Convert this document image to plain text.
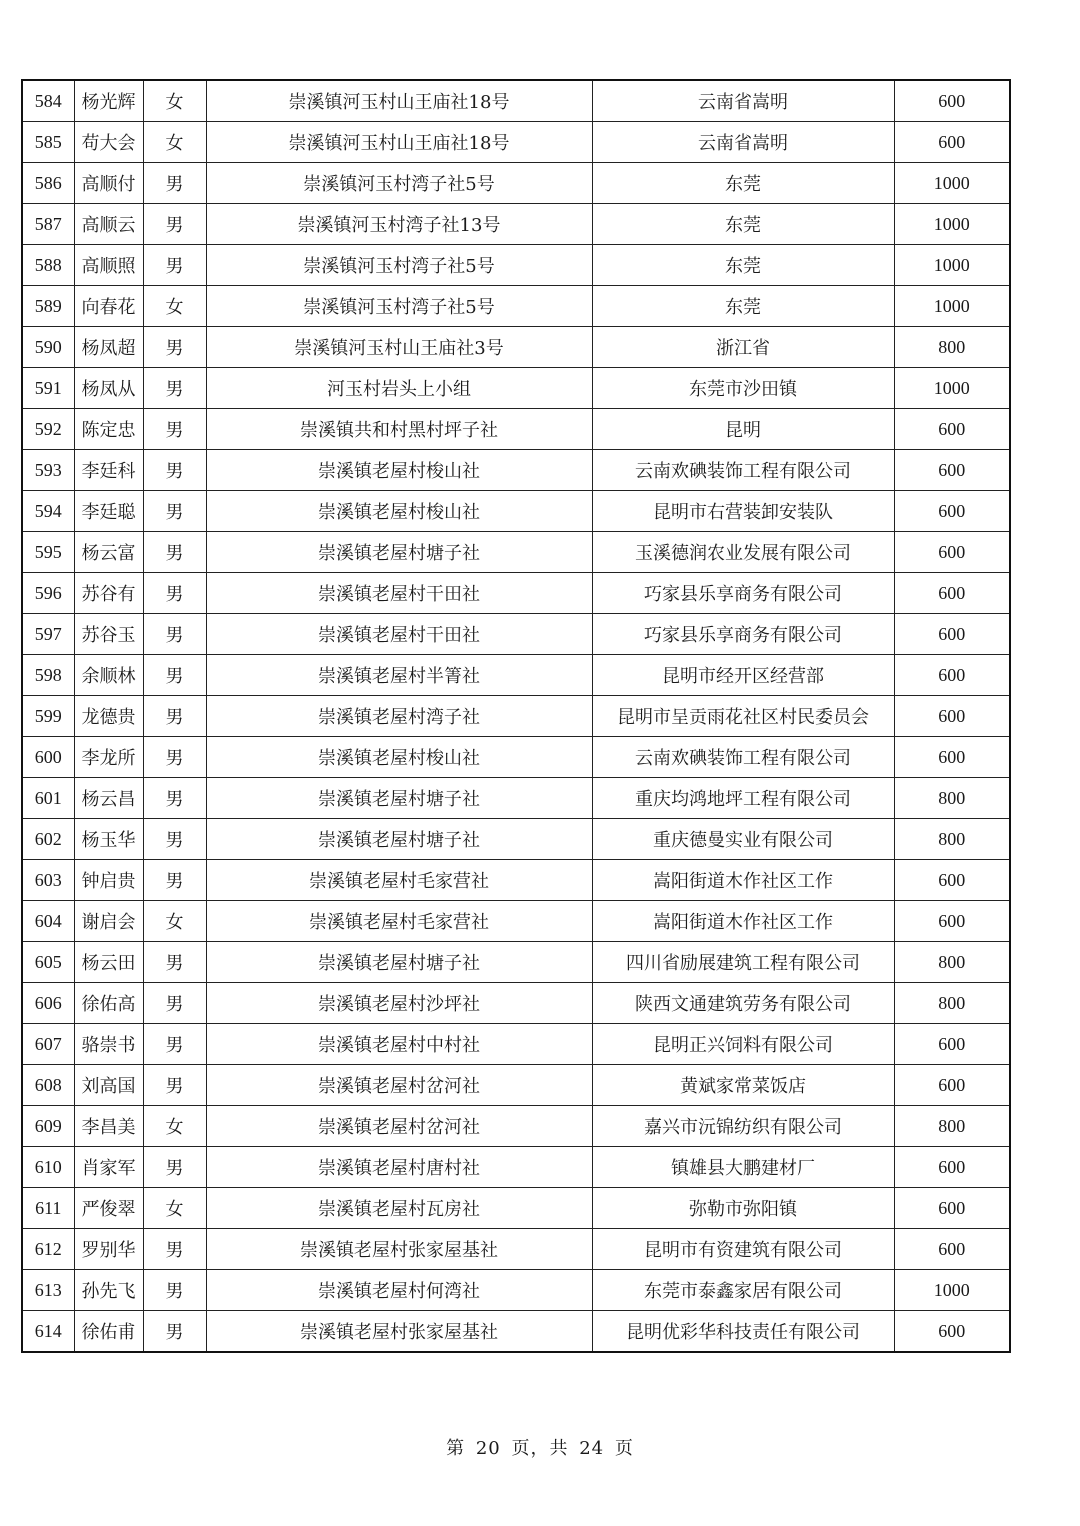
584	杨光辉	女	崇溪镇河玉村山王庙社18号	云南省嵩明	600
585	苟大会	女	崇溪镇河玉村山王庙社18号	云南省嵩明	600
586	高顺付	男	崇溪镇河玉村湾子社5号	东莞	1000
587	高顺云	男	崇溪镇河玉村湾子社13号	东莞	1000
588	高顺照	男	崇溪镇河玉村湾子社5号	东莞	1000
589	向春花	女	崇溪镇河玉村湾子社5号	东莞	1000
590	杨凤超	男	崇溪镇河玉村山王庙社3号	浙江省	800
591	杨凤从	男	河玉村岩头上小组	东莞市沙田镇	1000
592	陈定忠	男	崇溪镇共和村黑村坪子社	昆明	600
593	李廷科	男	崇溪镇老屋村梭山社	云南欢碘装饰工程有限公司	600
594	李廷聪	男	崇溪镇老屋村梭山社	昆明市右营装卸安装队	600
595	杨云富	男	崇溪镇老屋村塘子社	玉溪德润农业发展有限公司	600
596	苏谷有	男	崇溪镇老屋村干田社	巧家县乐享商务有限公司	600
597	苏谷玉	男	崇溪镇老屋村干田社	巧家县乐享商务有限公司	600
598	余顺林	男	崇溪镇老屋村半箐社	昆明市经开区经营部	600
599	龙德贵	男	崇溪镇老屋村湾子社	昆明市呈贡雨花社区村民委员会	600
600	李龙所	男	崇溪镇老屋村梭山社	云南欢碘装饰工程有限公司	600
601	杨云昌	男	崇溪镇老屋村塘子社	重庆均鸿地坪工程有限公司	800
602	杨玉华	男	崇溪镇老屋村塘子社	重庆德曼实业有限公司	800
603	钟启贵	男	崇溪镇老屋村毛家营社	嵩阳街道木作社区工作	600
604	谢启会	女	崇溪镇老屋村毛家营社	嵩阳街道木作社区工作	600
605	杨云田	男	崇溪镇老屋村塘子社	四川省励展建筑工程有限公司	800
606	徐佑高	男	崇溪镇老屋村沙坪社	陕西文通建筑劳务有限公司	800
607	骆崇书	男	崇溪镇老屋村中村社	昆明正兴饲料有限公司	600
608	刘高国	男	崇溪镇老屋村岔河社	黄斌家常菜饭店	600
609	李昌美	女	崇溪镇老屋村岔河社	嘉兴市沅锦纺织有限公司	800
610	肖家军	男	崇溪镇老屋村唐村社	镇雄县大鹏建材厂	600
611	严俊翠	女	崇溪镇老屋村瓦房社	弥勒市弥阳镇	600
612	罗别华	男	崇溪镇老屋村张家屋基社	昆明市有资建筑有限公司	600
613	孙先飞	男	崇溪镇老屋村何湾社	东莞市泰鑫家居有限公司	1000
614	徐佑甫	男	崇溪镇老屋村张家屋基社	昆明优彩华科技责任有限公司	600
第 20 页，共 24 页
